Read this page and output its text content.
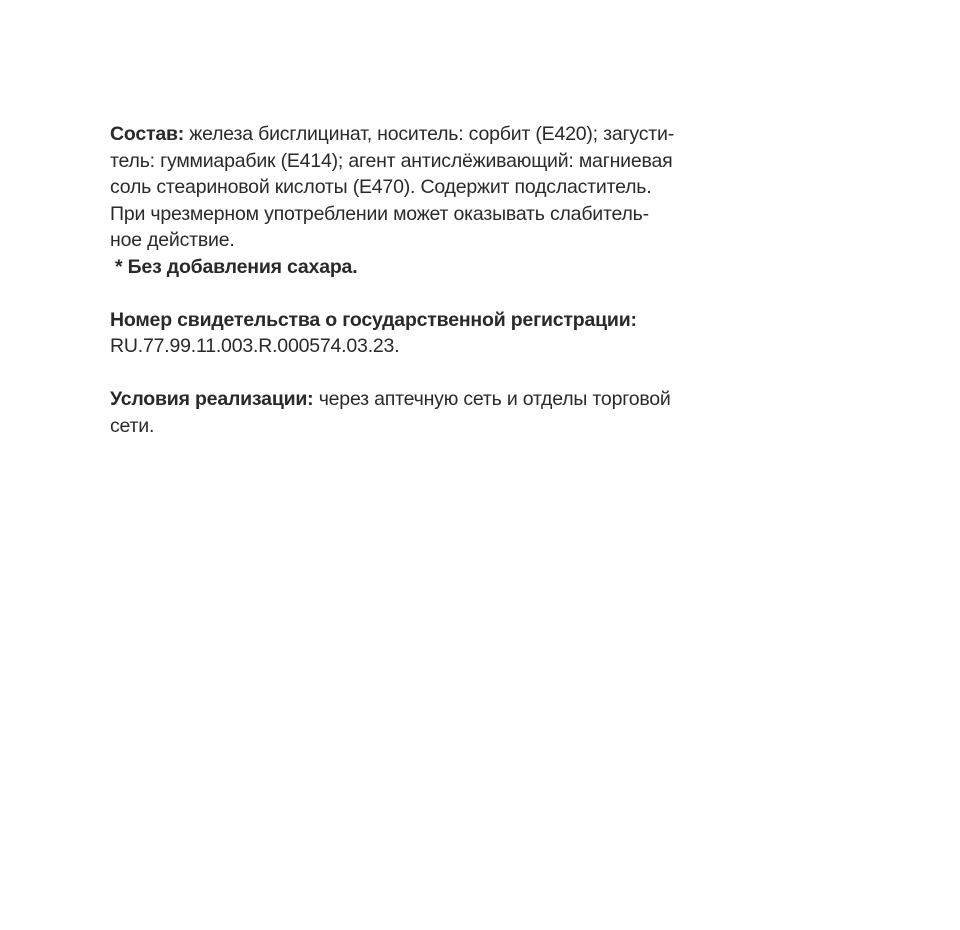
Состав: железа бисглицинат, носитель: сорбит (E420); загусти-
тель: гуммиарабик (E414); агент антислёживающий: магниевая
соль стеариновой кислоты (E470). Содержит подсластитель.
При чрезмерном употреблении может оказывать слабитель-
ное действие.
* Без добавления сахара.

Номер свидетельства о государственной регистрации:
RU.77.99.11.003.R.000574.03.23.

Условия реализации: через аптечную сеть и отделы торговой
сети.
